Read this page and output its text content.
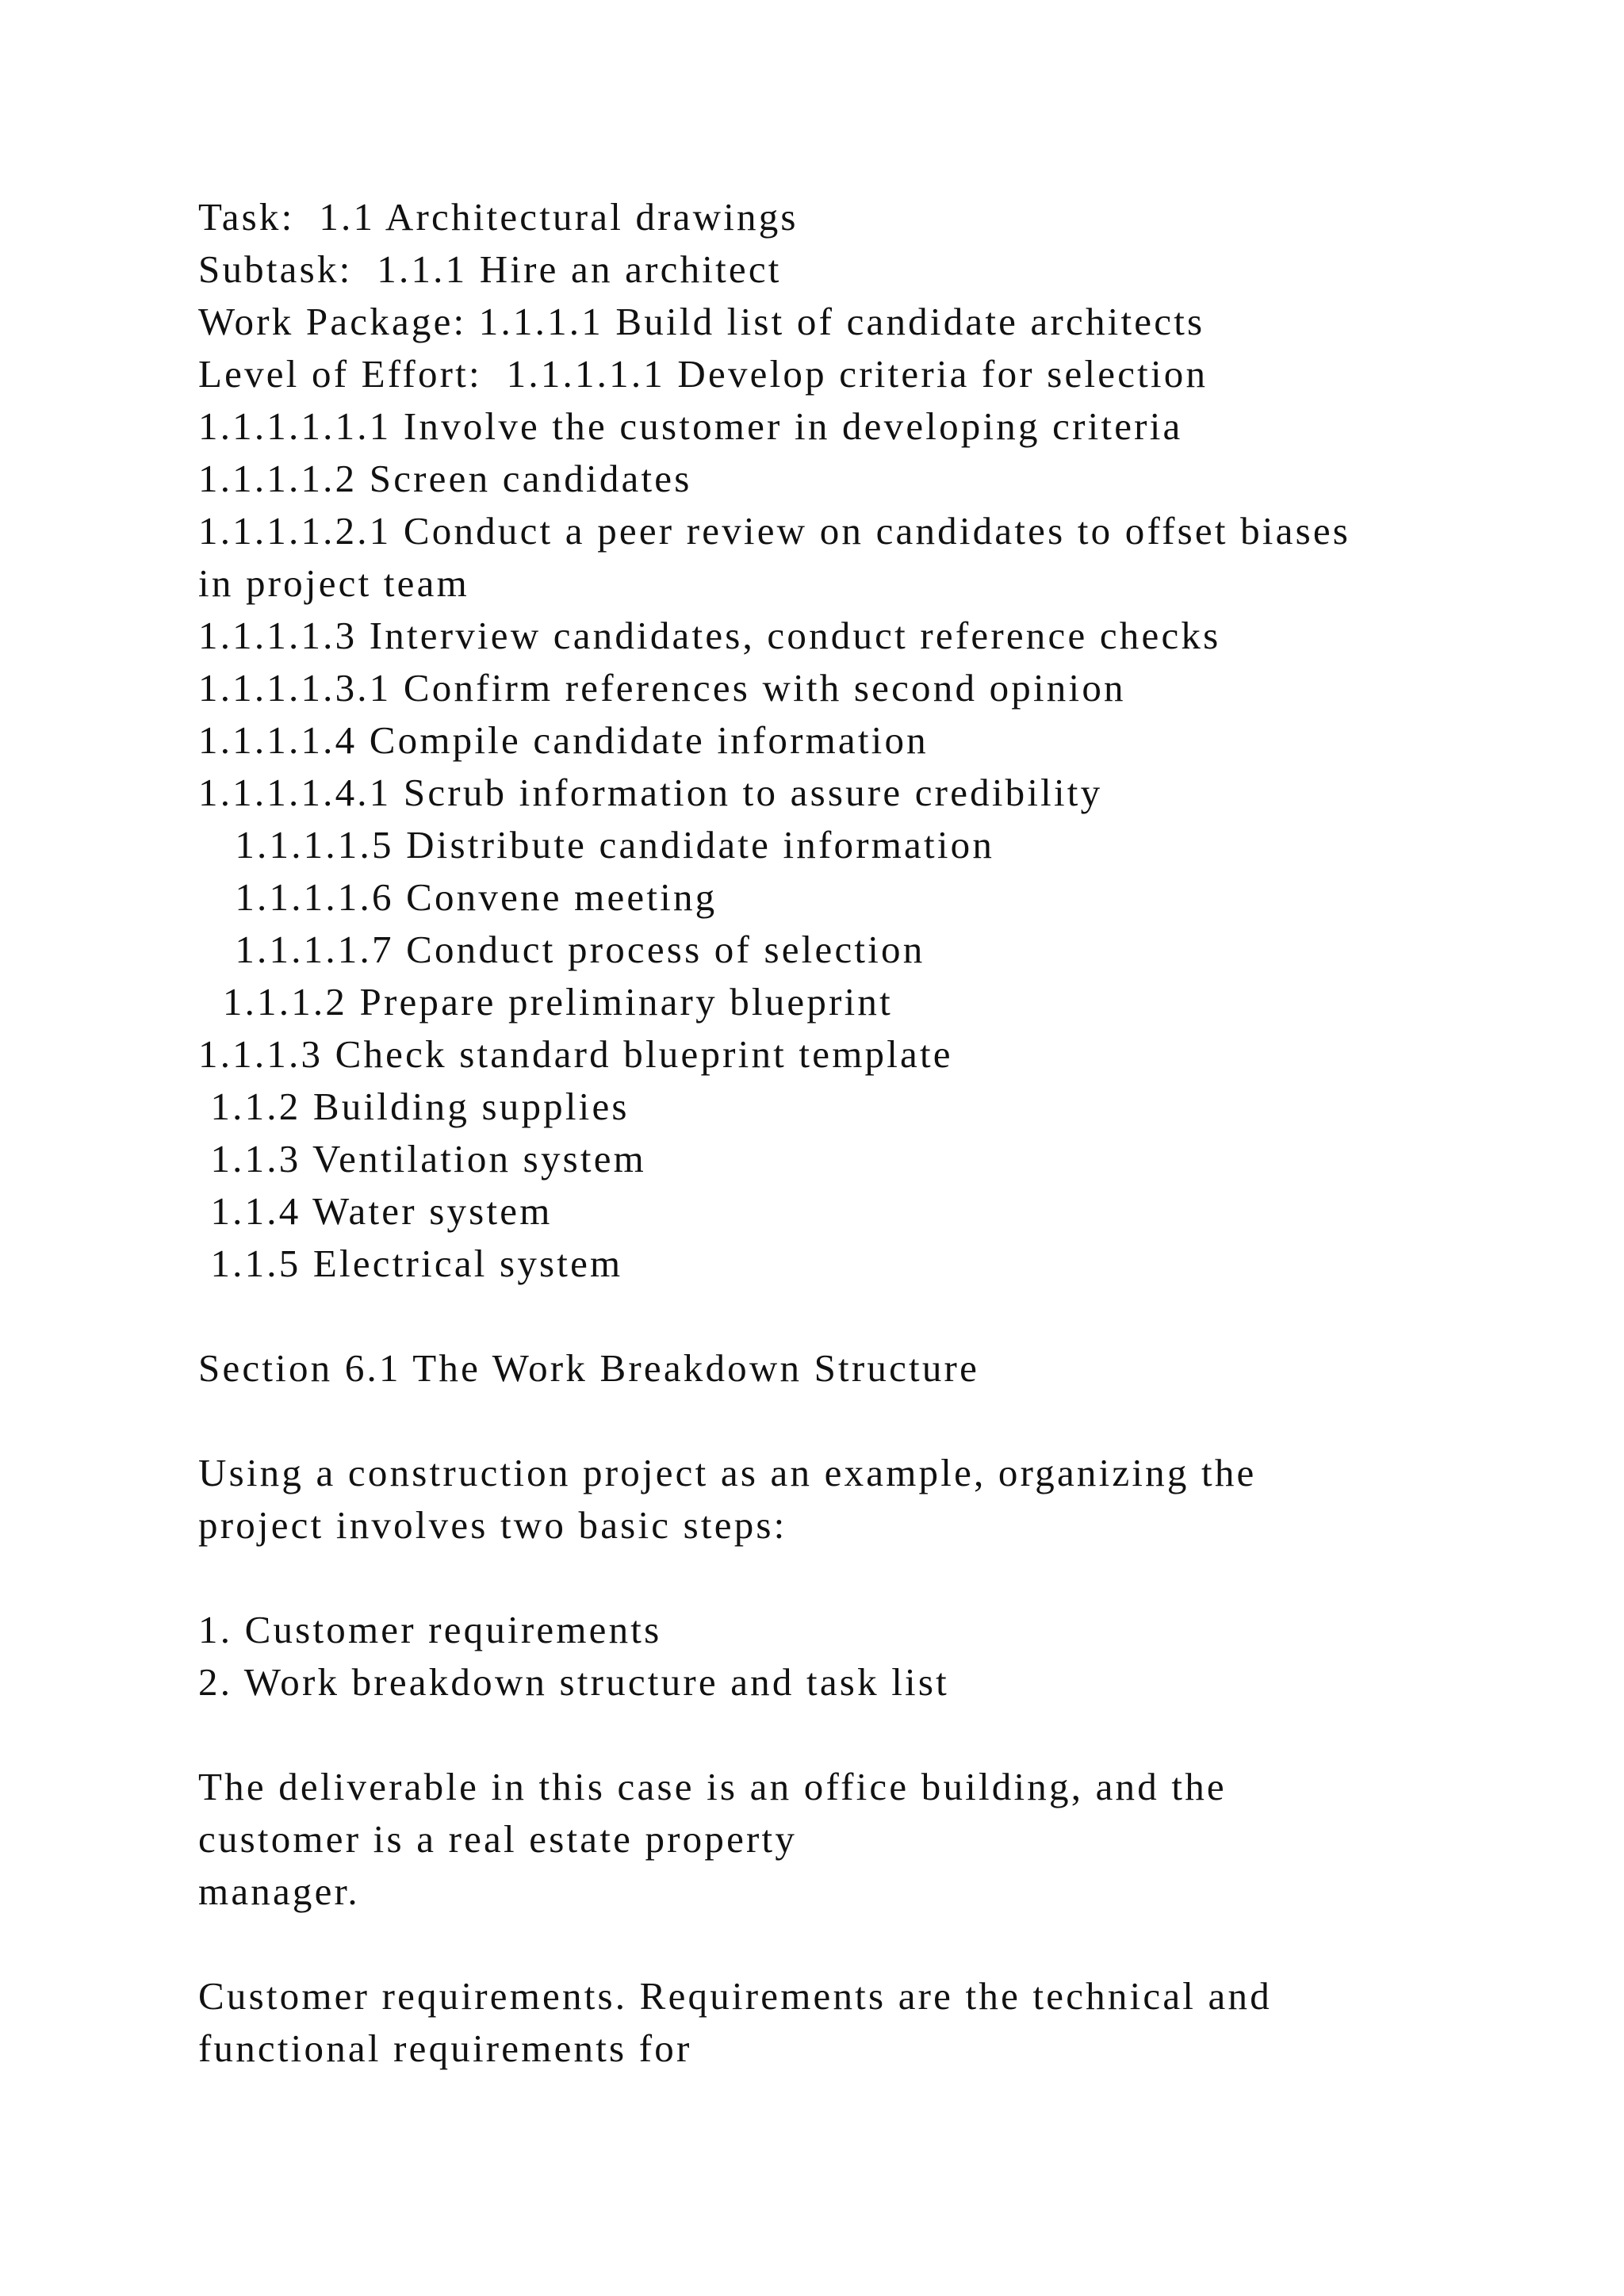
Task:  1.1 Architectural drawings
Subtask:  1.1.1 Hire an architect
Work Package: 1.1.1.1 Build list of candidate architects
Level of Effort:  1.1.1.1.1 Develop criteria for selection
1.1.1.1.1.1 Involve the customer in developing criteria
1.1.1.1.2 Screen candidates
1.1.1.1.2.1 Conduct a peer review on candidates to offset biases
in project team
1.1.1.1.3 Interview candidates, conduct reference checks
1.1.1.1.3.1 Confirm references with second opinion
1.1.1.1.4 Compile candidate information
1.1.1.1.4.1 Scrub information to assure credibility
1.1.1.1.5 Distribute candidate information
1.1.1.1.6 Convene meeting
1.1.1.1.7 Conduct process of selection
1.1.1.2 Prepare preliminary blueprint
1.1.1.3 Check standard blueprint template
1.1.2 Building supplies
1.1.3 Ventilation system
1.1.4 Water system
1.1.5 Electrical system
Section 6.1 The Work Breakdown Structure
Using a construction project as an example, organizing the
project involves two basic steps:
1. Customer requirements
2. Work breakdown structure and task list
The deliverable in this case is an office building, and the
customer is a real estate property
manager.
Customer requirements. Requirements are the technical and
functional requirements for
